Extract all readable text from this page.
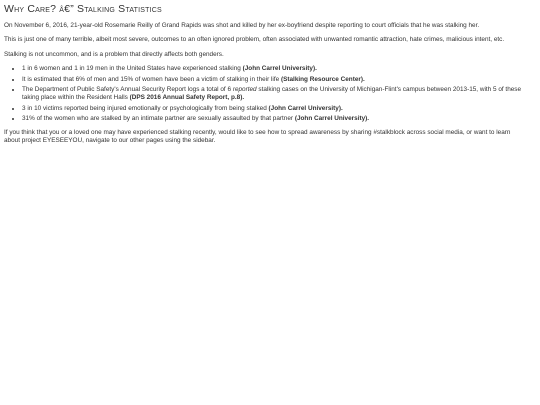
Why Care? â€” Stalking Statistics

On November 6, 2016, 21-year-old Rosemarie Reilly of Grand Rapids was shot and killed by her ex-boyfriend despite reporting to court officials that he was stalking her.

This is just one of many terrible, albeit most severe, outcomes to an often ignored problem, often associated with unwanted romantic attraction, hate crimes, malicious intent, etc.

Stalking is not uncommon, and is a problem that directly affects both genders.

• 1 in 6 women and 1 in 19 men in the United States have experienced stalking (John Carrel University).
• It is estimated that 6% of men and 15% of women have been a victim of stalking in their life (Stalking Resource Center).
• The Department of Public Safety's Annual Security Report logs a total of 6 reported stalking cases on the University of Michigan-Flint's campus between 2013-15, with 5 of these taking place within the Resident Halls (DPS 2016 Annual Safety Report, p.8).
• 3 in 10 victims reported being injured emotionally or psychologically from being stalked (John Carrel University).
• 31% of the women who are stalked by an intimate partner are sexually assaulted by that partner (John Carrel University).

If you think that you or a loved one may have experienced stalking recently, would like to see how to spread awareness by sharing #stalkblock across social media, or want to learn about project EYESEEYOU, navigate to our other pages using the sidebar.
